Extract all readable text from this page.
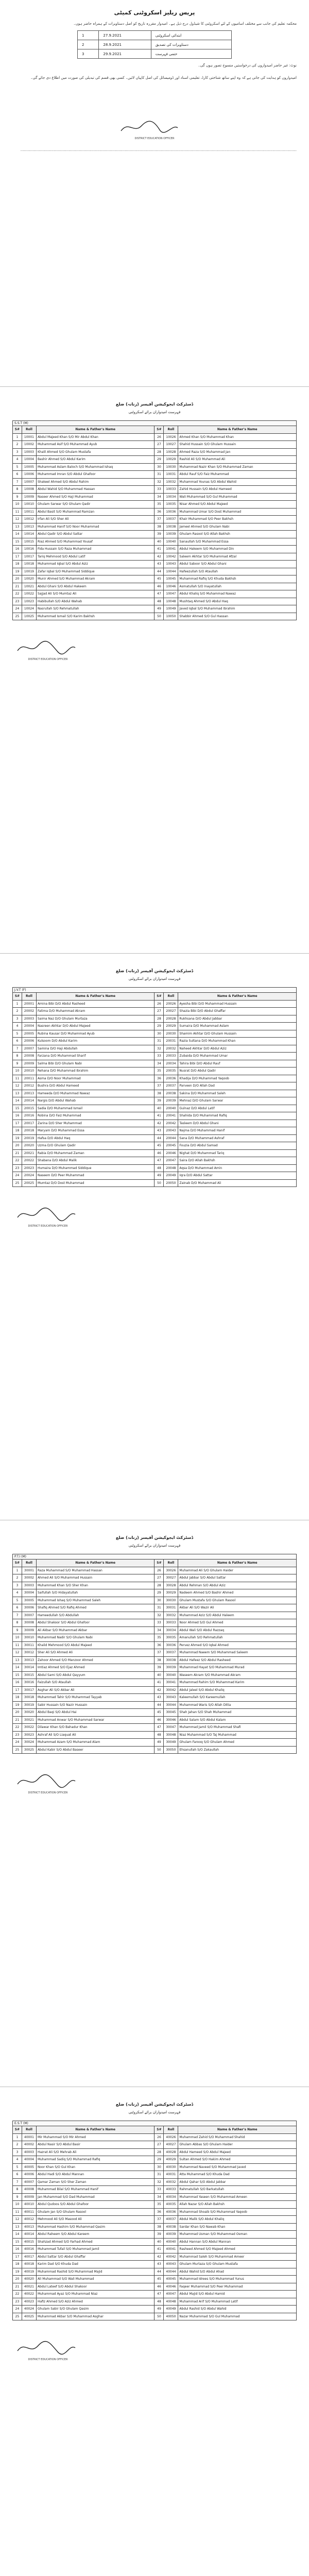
پریس ریلیز اسکروٹنی کمیٹی
محکمہ تعلیم کی جانب سے مختلف اسامیوں کے لئے اسکروٹنی کا شیڈول درج ذیل ہے۔ امیدوار مقررہ تاریخ کو اصل دستاویزات کے ہمراہ حاضر ہوں۔
1	27.9.2021	ابتدائی اسکروٹنی
2	28.9.2021	دستاویزات کی تصدیق
3	29.9.2021	حتمی فہرست
نوٹ: غیر حاضر امیدواروں کی درخواستیں منسوخ تصور ہوں گی۔
امیدواروں کو ہدایت کی جاتی ہے کہ وہ اپنے ساتھ شناختی کارڈ، تعلیمی اسناد اور ڈومیسائل کی اصل کاپیاں لائیں۔ کسی بھی قسم کی تبدیلی کی صورت میں اطلاع دی جائے گی۔
DISTRICT EDUCATION OFFICER
.................................................................................................................................................................................................................................................
ڈسٹرکٹ ایجوکیشن آفیسر (زنانہ) ضلع
فہرست امیدواران برائے اسکروٹنی
S.S.T (M)
S#	Roll	Name & Father's Name	S#	Roll	Name & Father's Name
1	10001	Abdul Majeed Khan S/O Mir Abdul Khan	26	10026	Ahmed Khan S/O Muhammad Khan
2	10002	Muhammad Asif S/O Muhammad Ayub	27	10027	Shahid Hussain S/O Ghulam Hussain
3	10003	Khalil Ahmed S/O Ghulam Mustafa	28	10028	Ahmed Raza S/O Muhammad Jan
4	10004	Bashir Ahmed S/O Abdul Karim	29	10029	Rashid Ali S/O Muhammad Ali
5	10005	Muhammad Aslam Baloch S/O Muhammad Ishaq	30	10030	Muhammad Nazir Khan S/O Muhammad Zaman
6	10006	Muhammad Imran S/O Abdul Ghafoor	31	10031	Abdul Rauf S/O Faiz Muhammad
7	10007	Shakeel Ahmed S/O Abdul Rahim	32	10032	Muhammad Younas S/O Abdul Wahid
8	10008	Abdul Wahid S/O Muhammad Hassan	33	10033	Zahid Hussain S/O Abdul Hameed
9	10009	Naseer Ahmed S/O Haji Muhammad	34	10034	Wali Muhammad S/O Gul Muhammad
10	10010	Ghulam Sarwar S/O Ghulam Qadir	35	10035	Nisar Ahmed S/O Abdul Majeed
11	10011	Abdul Basit S/O Muhammad Ramzan	36	10036	Muhammad Umar S/O Dost Muhammad
12	10012	Irfan Ali S/O Sher Ali	37	10037	Khair Muhammad S/O Peer Bakhsh
13	10013	Muhammad Hanif S/O Noor Muhammad	38	10038	Jameel Ahmed S/O Ghulam Nabi
14	10014	Abdul Qadir S/O Abdul Sattar	39	10039	Ghulam Rasool S/O Allah Bakhsh
15	10015	Riaz Ahmed S/O Muhammad Yousaf	40	10040	Sanaullah S/O Muhammad Essa
16	10016	Fida Hussain S/O Raza Muhammad	41	10041	Abdul Hakeem S/O Muhammad Din
17	10017	Tariq Mehmood S/O Abdul Latif	42	10042	Saleem Akhtar S/O Muhammad Afzal
18	10018	Muhammad Iqbal S/O Abdul Aziz	43	10043	Abdul Saboor S/O Abdul Ghani
19	10019	Zafar Iqbal S/O Muhammad Siddique	44	10044	Hafeezullah S/O Ataullah
20	10020	Munir Ahmed S/O Muhammad Akram	45	10045	Muhammad Rafiq S/O Khuda Bakhsh
21	10021	Abdul Ghani S/O Abdul Hakeem	46	10046	Asmatullah S/O Inayatullah
22	10022	Sajjad Ali S/O Mumtaz Ali	47	10047	Abdul Khaliq S/O Muhammad Nawaz
23	10023	Habibullah S/O Abdul Wahab	48	10048	Mushtaq Ahmed S/O Abdul Haq
24	10024	Nasrullah S/O Rehmatullah	49	10049	Javed Iqbal S/O Muhammad Ibrahim
25	10025	Muhammad Ismail S/O Karim Bakhsh	50	10050	Shabbir Ahmed S/O Gul Hassan
DISTRICT EDUCATION OFFICER
ڈسٹرکٹ ایجوکیشن آفیسر (زنانہ) ضلع
فہرست امیدواران برائے اسکروٹنی
J.V.T (F)
S#	Roll	Name & Father's Name	S#	Roll	Name & Father's Name
1	20001	Amina Bibi D/O Abdul Rasheed	26	20026	Ayesha Bibi D/O Muhammad Hussain
2	20002	Fatima D/O Muhammad Akram	27	20027	Shazia Bibi D/O Abdul Ghaffar
3	20003	Saima Naz D/O Ghulam Murtaza	28	20028	Rukhsana D/O Abdul Jabbar
4	20004	Nasreen Akhtar D/O Abdul Majeed	29	20029	Sumaira D/O Muhammad Aslam
5	20005	Rubina Kausar D/O Muhammad Ayub	30	20030	Shamim Akhtar D/O Ghulam Hussain
6	20006	Kulsoom D/O Abdul Karim	31	20031	Razia Sultana D/O Muhammad Khan
7	20007	Samina D/O Haji Abdullah	32	20032	Naheed Akhtar D/O Abdul Aziz
8	20008	Farzana D/O Muhammad Sharif	33	20033	Zubaida D/O Muhammad Umar
9	20009	Salma Bibi D/O Ghulam Nabi	34	20034	Tahira Bibi D/O Abdul Rauf
10	20010	Rehana D/O Muhammad Ibrahim	35	20035	Nusrat D/O Abdul Qadir
11	20011	Asma D/O Noor Muhammad	36	20036	Khadija D/O Muhammad Yaqoob
12	20012	Bushra D/O Abdul Hameed	37	20037	Parveen D/O Allah Dad
13	20013	Hameeda D/O Muhammad Nawaz	38	20038	Sakina D/O Muhammad Saleh
14	20014	Nargis D/O Abdul Wahab	39	20039	Mehnaz D/O Ghulam Sarwar
15	20015	Sadia D/O Muhammad Ismail	40	20040	Gulnaz D/O Abdul Latif
16	20016	Robina D/O Faiz Muhammad	41	20041	Shahida D/O Muhammad Rafiq
17	20017	Zarina D/O Sher Muhammad	42	20042	Tasleem D/O Abdul Ghani
18	20018	Maryam D/O Muhammad Essa	43	20043	Najma D/O Muhammad Hanif
19	20019	Hafsa D/O Abdul Haq	44	20044	Sana D/O Muhammad Ashraf
20	20020	Uzma D/O Ghulam Qadir	45	20045	Fouzia D/O Abdul Samad
21	20021	Rabia D/O Muhammad Zaman	46	20046	Nighat D/O Muhammad Tariq
22	20022	Shabana D/O Abdul Malik	47	20047	Saira D/O Allah Bakhsh
23	20023	Humaira D/O Muhammad Siddique	48	20048	Aqsa D/O Muhammad Amin
24	20024	Naseem D/O Peer Muhammad	49	20049	Iqra D/O Abdul Sattar
25	20025	Mumtaz D/O Dost Muhammad	50	20050	Zainab D/O Muhammad Ali
DISTRICT EDUCATION OFFICER
ڈسٹرکٹ ایجوکیشن آفیسر (زنانہ) ضلع
فہرست امیدواران برائے اسکروٹنی
P.T.I (M)
S#	Roll	Name & Father's Name	S#	Roll	Name & Father's Name
1	30001	Raza Muhammad S/O Muhammad Hassan	26	30026	Muhammad Ali S/O Ghulam Haider
2	30002	Ahmed Ali S/O Muhammad Hussain	27	30027	Abdul Jabbar S/O Abdul Sattar
3	30003	Muhammad Khan S/O Sher Khan	28	30028	Abdul Rehman S/O Abdul Aziz
4	30004	Saifullah S/O Hidayatullah	29	30029	Nadeem Ahmed S/O Bashir Ahmed
5	30005	Muhammad Ishaq S/O Muhammad Saleh	30	30030	Ghulam Mustafa S/O Ghulam Rasool
6	30006	Shafiq Ahmed S/O Rafiq Ahmed	31	30031	Akbar Ali S/O Wazir Ali
7	30007	Hameedullah S/O Abdullah	32	30032	Muhammad Aziz S/O Abdul Haleem
8	30008	Abdul Shakoor S/O Abdul Ghafoor	33	30033	Noor Ahmed S/O Gul Ahmed
9	30009	Ali Akbar S/O Muhammad Akbar	34	30034	Abdul Wali S/O Abdul Razzaq
10	30010	Muhammad Nadir S/O Ghulam Nabi	35	30035	Amanullah S/O Rehmatullah
11	30011	Khalid Mehmood S/O Abdul Majeed	36	30036	Pervez Ahmed S/O Iqbal Ahmed
12	30012	Sher Ali S/O Ahmed Ali	37	30037	Muhammad Naeem S/O Muhammad Saleem
13	30013	Zahoor Ahmed S/O Manzoor Ahmed	38	30038	Abdul Hafeez S/O Abdul Rasheed
14	30014	Imtiaz Ahmed S/O Ejaz Ahmed	39	30039	Muhammad Hayat S/O Muhammad Murad
15	30015	Abdul Sami S/O Abdul Qayyum	40	30040	Waseem Akram S/O Muhammad Akram
16	30016	Faizullah S/O Ataullah	41	30041	Muhammad Rahim S/O Muhammad Karim
17	30017	Asghar Ali S/O Akbar Ali	42	30042	Abdul Jaleel S/O Abdul Khaliq
18	30018	Muhammad Tahir S/O Muhammad Tayyab	43	30043	Kaleemullah S/O Kareemullah
19	30019	Sabir Hussain S/O Nazir Hussain	44	30044	Muhammad Waris S/O Allah Ditta
20	30020	Abdul Baqi S/O Abdul Hai	45	30045	Shah Jahan S/O Shah Muhammad
21	30021	Muhammad Anwar S/O Muhammad Sarwar	46	30046	Abdul Salam S/O Abdul Kalam
22	30022	Dilawar Khan S/O Bahadur Khan	47	30047	Muhammad Jamil S/O Muhammad Shafi
23	30023	Ashraf Ali S/O Liaquat Ali	48	30048	Niaz Muhammad S/O Taj Muhammad
24	30024	Muhammad Azam S/O Muhammad Alam	49	30049	Ghulam Farooq S/O Ghulam Ahmed
25	30025	Abdul Kabir S/O Abdul Baseer	50	30050	Ehsanullah S/O Zakaullah
DISTRICT EDUCATION OFFICER
ڈسٹرکٹ ایجوکیشن آفیسر (زنانہ) ضلع
فہرست امیدواران برائے اسکروٹنی
E.S.T (M)
S#	Roll	Name & Father's Name	S#	Roll	Name & Father's Name
1	40001	Mir Muhammad S/O Mir Ahmed	26	40026	Muhammad Zahid S/O Muhammad Shahid
2	40002	Abdul Nasir S/O Abdul Basir	27	40027	Ghulam Abbas S/O Ghulam Haider
3	40003	Hazrat Ali S/O Mehrab Ali	28	40028	Abdul Hameed S/O Abdul Majeed
4	40004	Muhammad Sadiq S/O Muhammad Rafiq	29	40029	Sultan Ahmed S/O Hakim Ahmed
5	40005	Noor Khan S/O Gul Khan	30	40030	Muhammad Naveed S/O Muhammad Javed
6	40006	Abdul Hadi S/O Abdul Mannan	31	40031	Atta Muhammad S/O Khuda Dad
7	40007	Qamar Zaman S/O Sher Zaman	32	40032	Abdul Qahar S/O Abdul Jabbar
8	40008	Muhammad Bilal S/O Muhammad Hanif	33	40033	Rahmatullah S/O Barkatullah
9	40009	Jan Muhammad S/O Dad Muhammad	34	40034	Muhammad Yaseen S/O Muhammad Ameen
10	40010	Abdul Qudoos S/O Abdul Ghafoor	35	40035	Allah Nazar S/O Allah Bakhsh
11	40011	Ghulam Jan S/O Ghulam Rasool	36	40036	Muhammad Shoaib S/O Muhammad Yaqoob
12	40012	Mehmood Ali S/O Masood Ali	37	40037	Abdul Malik S/O Abdul Khaliq
13	40013	Muhammad Hashim S/O Muhammad Qasim	38	40038	Sardar Khan S/O Nawab Khan
14	40014	Abdul Raheem S/O Abdul Kareem	39	40039	Muhammad Usman S/O Muhammad Osman
15	40015	Shahzad Ahmed S/O Farhad Ahmed	40	40040	Abdul Hannan S/O Abdul Mannan
16	40016	Muhammad Tufail S/O Muhammad Jamil	41	40041	Rasheed Ahmed S/O Majeed Ahmed
17	40017	Abdul Sattar S/O Abdul Ghaffar	42	40042	Muhammad Saleh S/O Muhammad Ameer
18	40018	Karim Dad S/O Khuda Dad	43	40043	Ghulam Murtaza S/O Ghulam Mustafa
19	40019	Muhammad Rashid S/O Muhammad Majid	44	40044	Abdul Wahid S/O Abdul Ahad
20	40020	Ali Muhammad S/O Wali Muhammad	45	40045	Muhammad Idrees S/O Muhammad Yunus
21	40021	Abdul Lateef S/O Abdul Shakoor	46	40046	Faqeer Muhammad S/O Peer Muhammad
22	40022	Muhammad Ayaz S/O Muhammad Niaz	47	40047	Abdul Majid S/O Abdul Hamid
23	40023	Hafiz Ahmed S/O Aziz Ahmed	48	40048	Muhammad Arif S/O Muhammad Latif
24	40024	Ghulam Sabir S/O Ghulam Qasim	49	40049	Abdul Rashid S/O Abdul Wahid
25	40025	Muhammad Akbar S/O Muhammad Asghar	50	40050	Nazar Muhammad S/O Gul Muhammad
DISTRICT EDUCATION OFFICER
